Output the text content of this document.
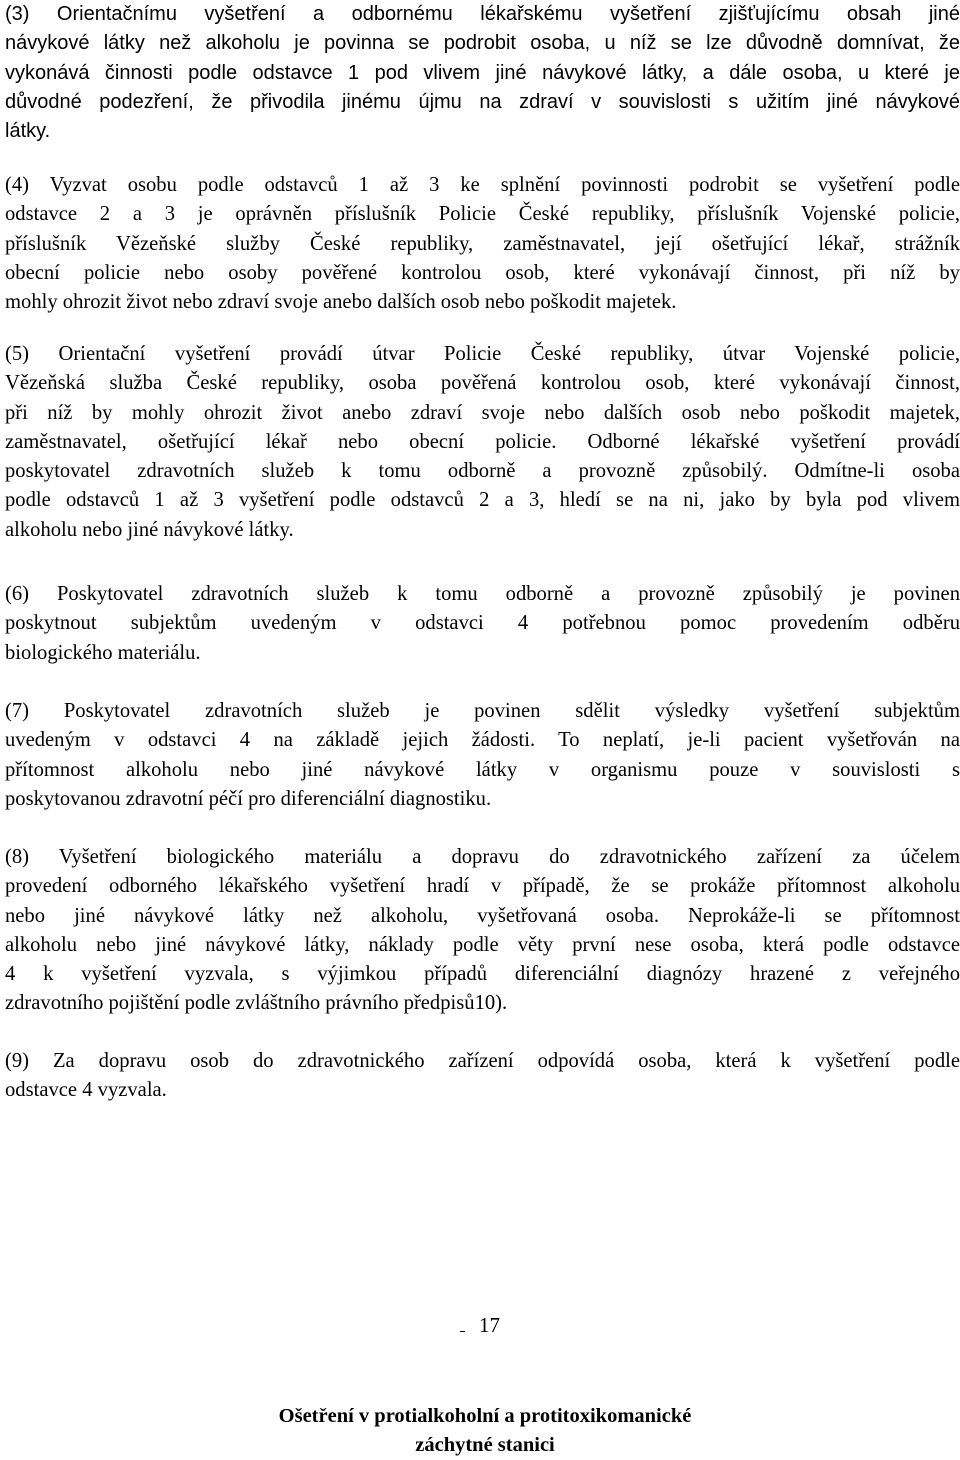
(3) Orientačnímu vyšetření a odbornému lékařskému vyšetření zjišťujícímu obsah jiné
návykové látky než alkoholu je povinna se podrobit osoba, u níž se lze důvodně domnívat, že
vykonává činnosti podle odstavce 1 pod vlivem jiné návykové látky, a dále osoba, u které je
důvodné podezření, že přivodila jinému újmu na zdraví v souvislosti s užitím jiné návykové
látky.

(4) Vyzvat osobu podle odstavců 1 až 3 ke splnění povinnosti podrobit se vyšetření podle
odstavce 2 a 3 je oprávněn příslušník Policie České republiky, příslušník Vojenské policie,
příslušník Vězeňské služby České republiky, zaměstnavatel, její ošetřující lékař, strážník
obecní policie nebo osoby pověřené kontrolou osob, které vykonávají činnost, při níž by
mohly ohrozit život nebo zdraví svoje anebo dalších osob nebo poškodit majetek.

(5) Orientační vyšetření provádí útvar Policie České republiky, útvar Vojenské policie,
Vězeňská služba České republiky, osoba pověřená kontrolou osob, které vykonávají činnost,
při níž by mohly ohrozit život anebo zdraví svoje nebo dalších osob nebo poškodit majetek,
zaměstnavatel, ošetřující lékař nebo obecní policie. Odborné lékařské vyšetření provádí
poskytovatel zdravotních služeb k tomu odborně a provozně způsobilý. Odmítne-li osoba
podle odstavců 1 až 3 vyšetření podle odstavců 2 a 3, hledí se na ni, jako by byla pod vlivem
alkoholu nebo jiné návykové látky.

(6) Poskytovatel zdravotních služeb k tomu odborně a provozně způsobilý je povinen
poskytnout subjektům uvedeným v odstavci 4 potřebnou pomoc provedením odběru
biologického materiálu.

(7) Poskytovatel zdravotních služeb je povinen sdělit výsledky vyšetření subjektům
uvedeným v odstavci 4 na základě jejich žádosti. To neplatí, je-li pacient vyšetřován na
přítomnost alkoholu nebo jiné návykové látky v organismu pouze v souvislosti s
poskytovanou zdravotní péčí pro diferenciální diagnostiku.

(8) Vyšetření biologického materiálu a dopravu do zdravotnického zařízení za účelem
provedení odborného lékařského vyšetření hradí v případě, že se prokáže přítomnost alkoholu
nebo jiné návykové látky než alkoholu, vyšetřovaná osoba. Neprokáže-li se přítomnost
alkoholu nebo jiné návykové látky, náklady podle věty první nese osoba, která podle odstavce
4 k vyšetření vyzvala, s výjimkou případů diferenciální diagnózy hrazené z veřejného
zdravotního pojištění podle zvláštního právního předpisů10).

(9) Za dopravu osob do zdravotnického zařízení odpovídá osoba, která k vyšetření podle
odstavce 4 vyzvala.

17

Ošetření v protialkoholní a protitoxikomanické
záchytné stanici
